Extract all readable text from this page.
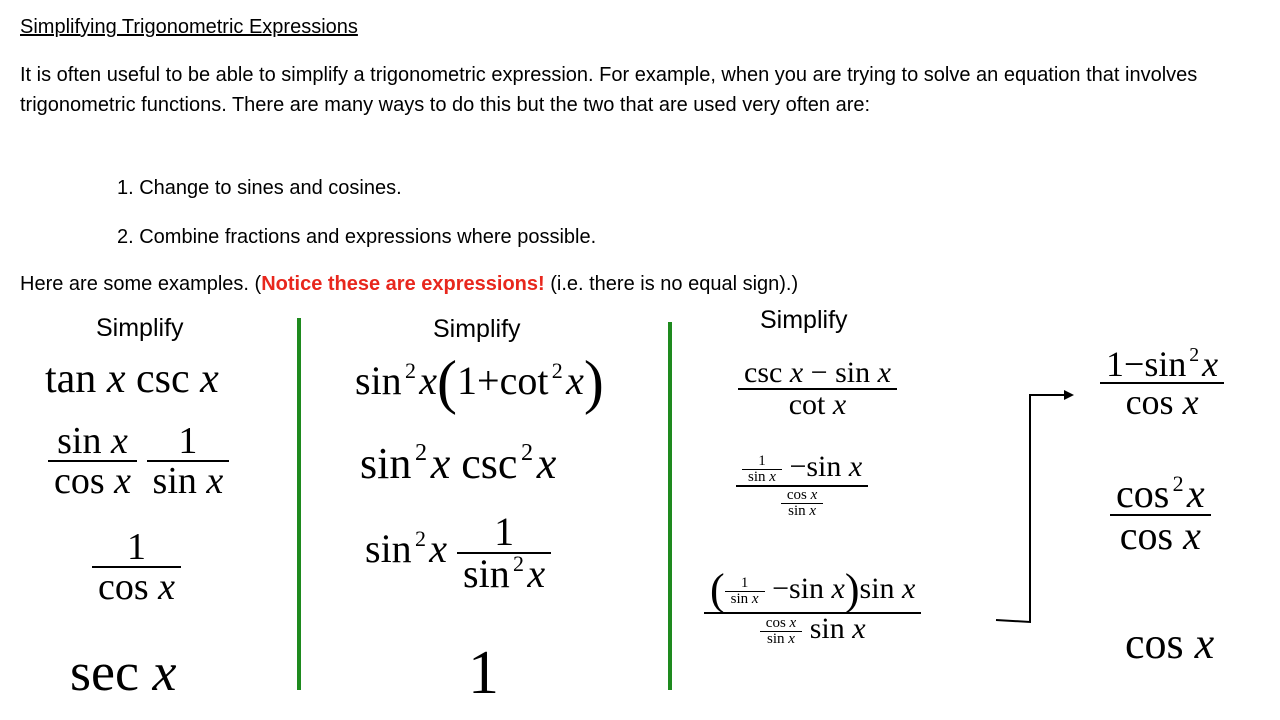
Simplifying Trigonometric Expressions
It is often useful to be able to simplify a trigonometric expression. For example, when you are trying to solve an equation that involves trigonometric functions. There are many ways to do this but the two that are used very often are:
1. Change to sines and cosines.
2. Combine fractions and expressions where possible.
Here are some examples. (Notice these are expressions! (i.e. there is no equal sign).)
Simplify	Simplify	Simplify
tan x csc x
$\frac{\text{sin x}}{\text{cos x}}$
$\frac{1}{\text{sin x}}$
$\frac{1}{\text{cos x}}$
sec x
sin $^2$x(1+cot $^2$x)
sin $^2$x csc $^2$x
$\sin ^2x \frac{1}{\sin ^2x}$
1
$\frac{\text{csc x − sin x}}{\text{cot x}}$
$\frac{\frac{1}{\text{sin x}} -\sin x}{\frac{\text{cos x}}{\text{sin x}}}$
$\frac{( \frac{1}{\text{sin x}} -\sin x)\sin x}{\frac{\text{cos x}}{\text{sin x}} \sin x}$
$\frac{1-\sin ^2x}{\text{cos x}}$
$\frac{\cos ^2x}{\text{cos x}}$
cos x
